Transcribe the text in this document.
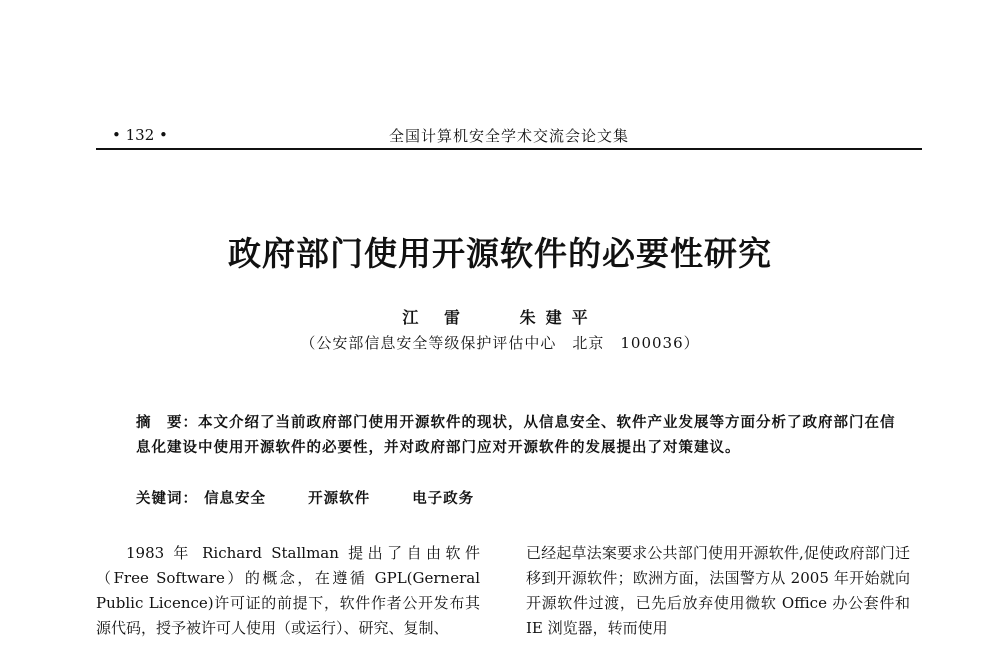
• 132 •	全国计算机安全学术交流会论文集
政府部门使用开源软件的必要性研究
江 雷	朱建平
（公安部信息安全等级保护评估中心　北京　100036）
摘　要：本文介绍了当前政府部门使用开源软件的现状，从信息安全、软件产业发展等方面分析了政府部门在信息化建设中使用开源软件的必要性，并对政府部门应对开源软件的发展提出了对策建议。
关键词： 信息安全	开源软件	电子政务

1983 年 Richard Stallman 提出了自由软件（Free Software）的概念，在遵循 GPL(Gerneral Public Licence)许可证的前提下，软件作者公开发布其源代码，授予被许可人使用（或运行）、研究、复制、

已经起草法案要求公共部门使用开源软件,促使政府部门迁移到开源软件；欧洲方面，法国警方从 2005 年开始就向开源软件过渡，已先后放弃使用微软 Office 办公套件和 IE 浏览器，转而使用
